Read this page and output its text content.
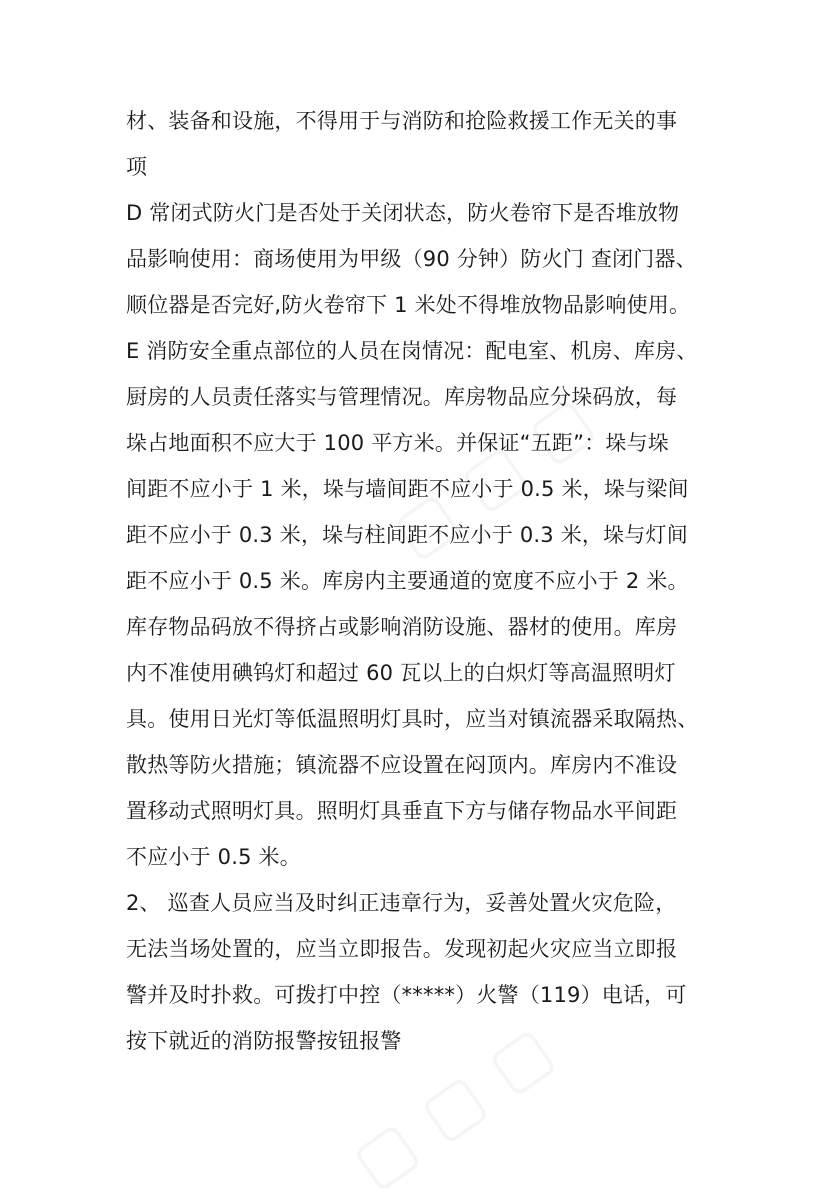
材、装备和设施，不得用于与消防和抢险救援工作无关的事
项
D 常闭式防火门是否处于关闭状态，防火卷帘下是否堆放物
品影响使用：商场使用为甲级（90 分钟）防火门 查闭门器、
顺位器是否完好,防火卷帘下 1 米处不得堆放物品影响使用。
E 消防安全重点部位的人员在岗情况：配电室、机房、库房、
厨房的人员责任落实与管理情况。库房物品应分垛码放，每
垛占地面积不应大于 100 平方米。并保证“五距”：垛与垛
间距不应小于 1 米，垛与墙间距不应小于 0.5 米，垛与梁间
距不应小于 0.3 米，垛与柱间距不应小于 0.3 米，垛与灯间
距不应小于 0.5 米。库房内主要通道的宽度不应小于 2 米。
库存物品码放不得挤占或影响消防设施、器材的使用。库房
内不准使用碘钨灯和超过 60 瓦以上的白炽灯等高温照明灯
具。使用日光灯等低温照明灯具时，应当对镇流器采取隔热、
散热等防火措施；镇流器不应设置在闷顶内。库房内不准设
置移动式照明灯具。照明灯具垂直下方与储存物品水平间距
不应小于 0.5 米。
2、 巡查人员应当及时纠正违章行为，妥善处置火灾危险，
无法当场处置的，应当立即报告。发现初起火灾应当立即报
警并及时扑救。可拨打中控（*****）火警（119）电话，可
按下就近的消防报警按钮报警
